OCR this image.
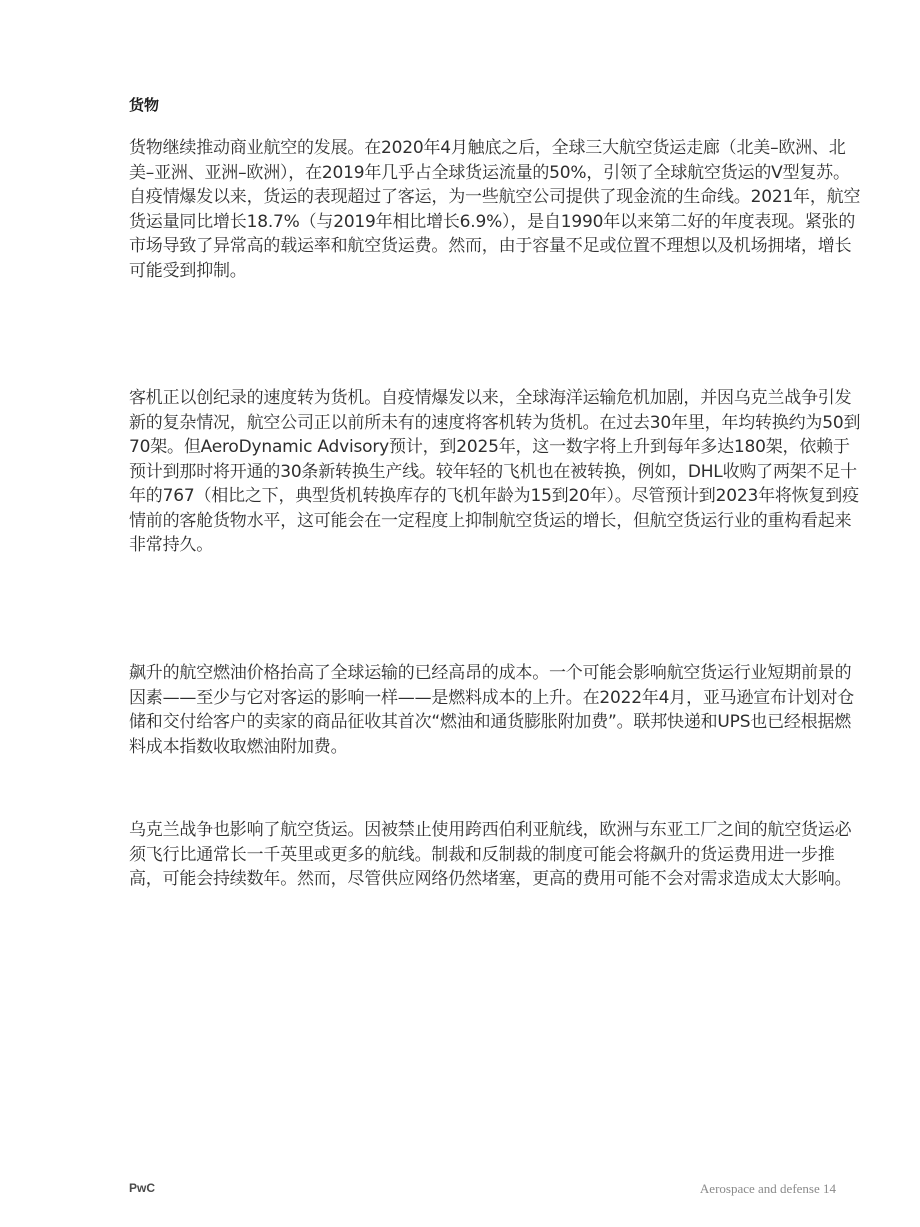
货物

货物继续推动商业航空的发展。在2020年4月触底之后，全球三大航空货运走廊（北美–欧洲、北美–亚洲、亚洲–欧洲），在2019年几乎占全球货运流量的50%，引领了全球航空货运的V型复苏。自疫情爆发以来，货运的表现超过了客运，为一些航空公司提供了现金流的生命线。2021年，航空货运量同比增长18.7%（与2019年相比增长6.9%），是自1990年以来第二好的年度表现。紧张的市场导致了异常高的载运率和航空货运费。然而，由于容量不足或位置不理想以及机场拥堵，增长可能受到抑制。

客机正以创纪录的速度转为货机。自疫情爆发以来，全球海洋运输危机加剧，并因乌克兰战争引发新的复杂情况，航空公司正以前所未有的速度将客机转为货机。在过去30年里，年均转换约为50到70架。但AeroDynamic Advisory预计，到2025年，这一数字将上升到每年多达180架，依赖于预计到那时将开通的30条新转换生产线。较年轻的飞机也在被转换，例如，DHL收购了两架不足十年的767（相比之下，典型货机转换库存的飞机年龄为15到20年）。尽管预计到2023年将恢复到疫情前的客舱货物水平，这可能会在一定程度上抑制航空货运的增长，但航空货运行业的重构看起来非常持久。

飙升的航空燃油价格抬高了全球运输的已经高昂的成本。一个可能会影响航空货运行业短期前景的因素——至少与它对客运的影响一样——是燃料成本的上升。在2022年4月，亚马逊宣布计划对仓储和交付给客户的卖家的商品征收其首次“燃油和通货膨胀附加费”。联邦快递和UPS也已经根据燃料成本指数收取燃油附加费。

乌克兰战争也影响了航空货运。因被禁止使用跨西伯利亚航线，欧洲与东亚工厂之间的航空货运必须飞行比通常长一千英里或更多的航线。制裁和反制裁的制度可能会将飙升的货运费用进一步推高，可能会持续数年。然而，尽管供应网络仍然堵塞，更高的费用可能不会对需求造成太大影响。

PwC	Aerospace and defense 14
